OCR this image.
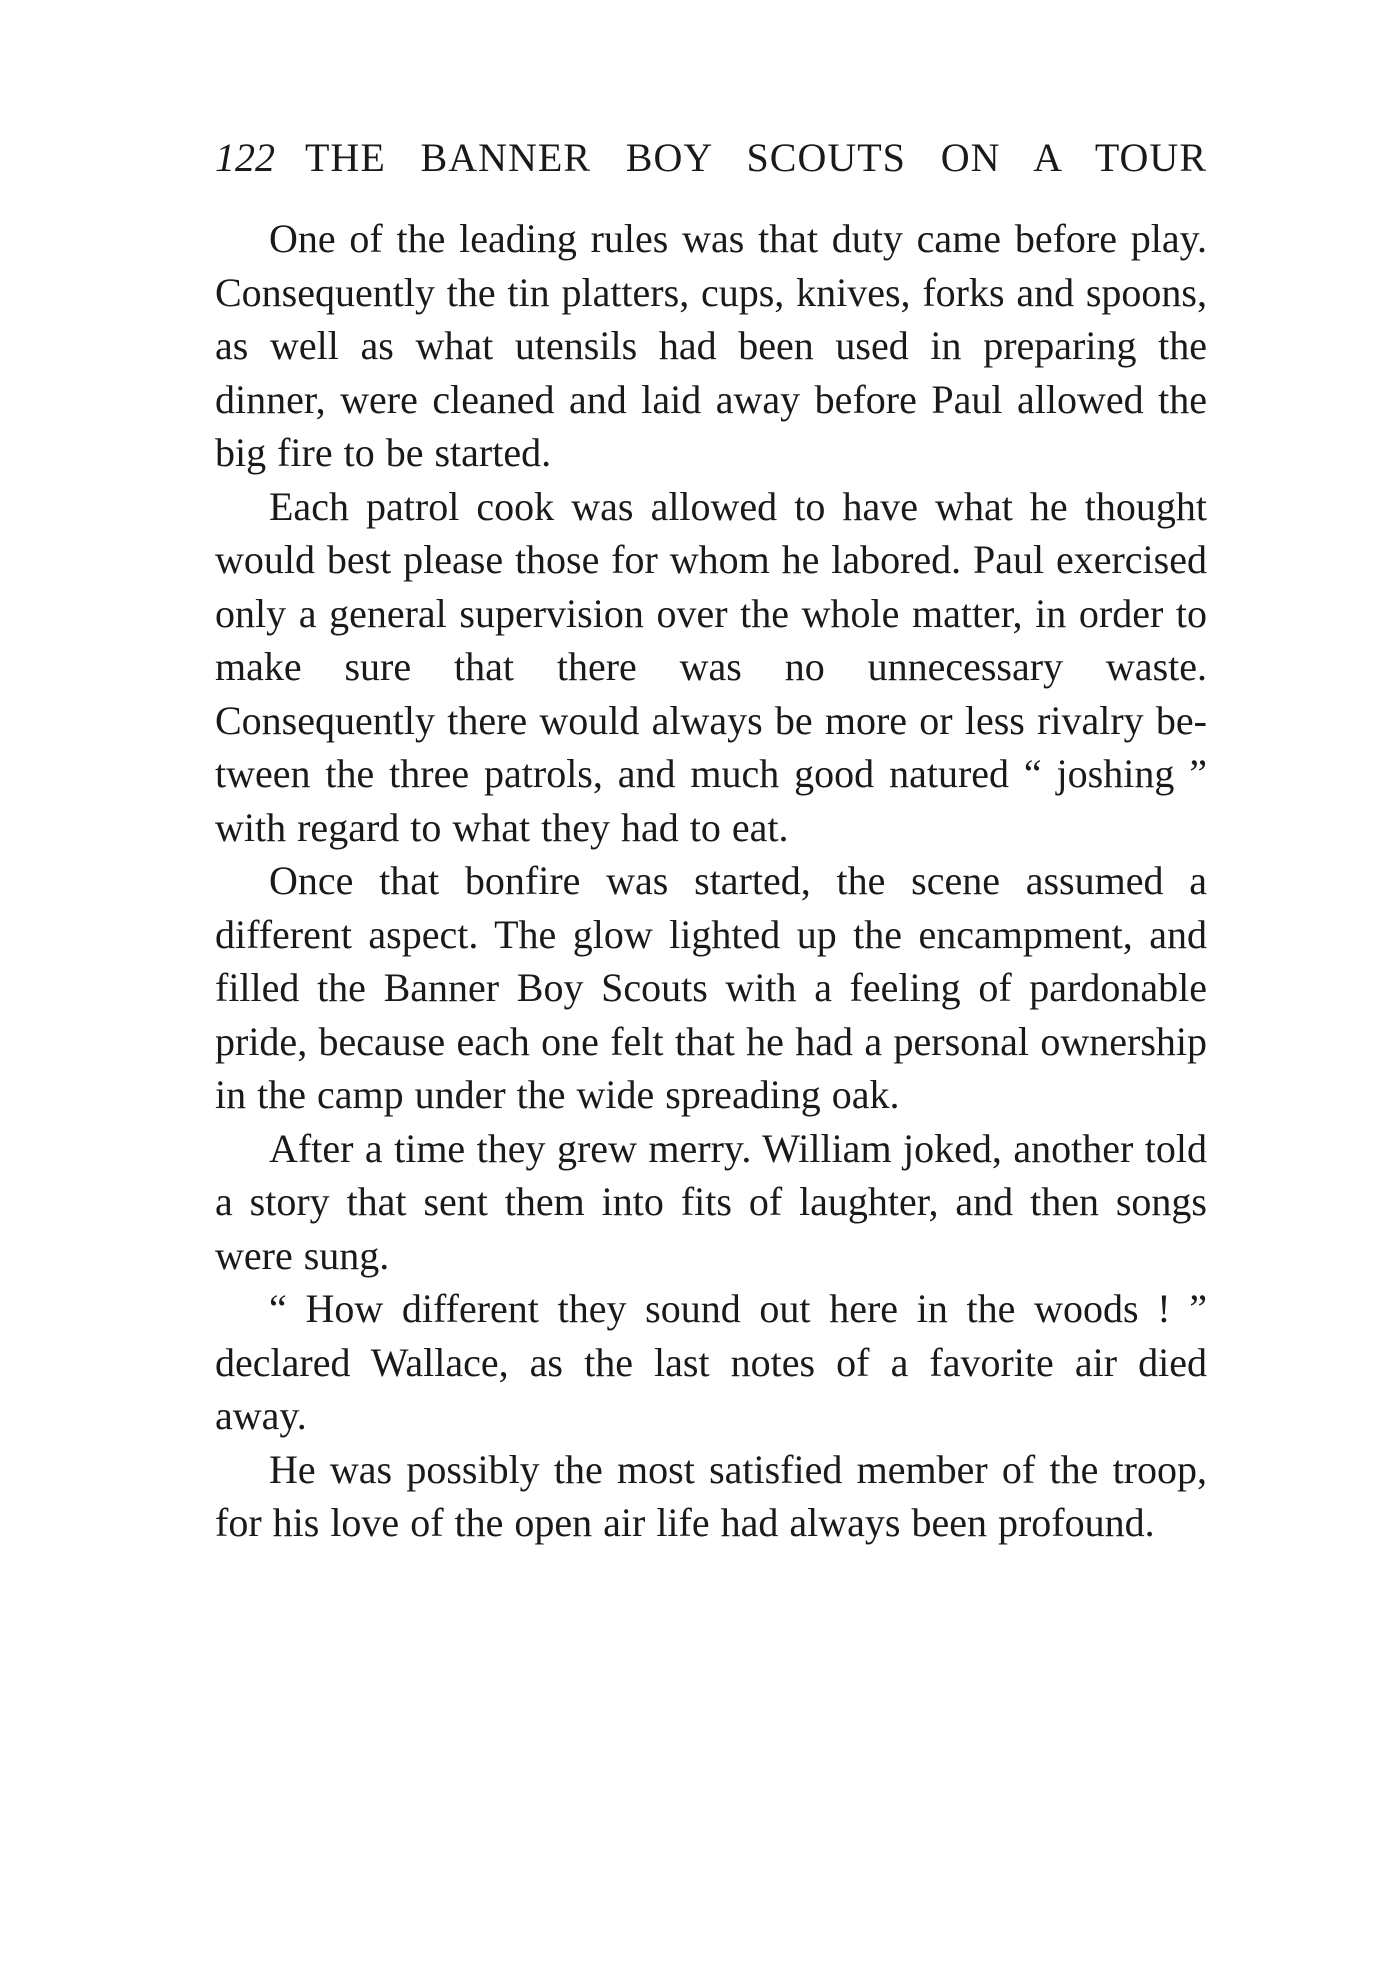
122 THE BANNER BOY SCOUTS ON A TOUR

One of the leading rules was that duty came before play. Consequently the tin platters, cups, knives, forks and spoons, as well as what utensils had been used in preparing the dinner, were cleaned and laid away before Paul allowed the big fire to be started.

Each patrol cook was allowed to have what he thought would best please those for whom he labored. Paul exercised only a general supervision over the whole matter, in order to make sure that there was no unnecessary waste. Consequently there would always be more or less rivalry between the three patrols, and much good natured “ joshing ” with regard to what they had to eat.

Once that bonfire was started, the scene assumed a different aspect. The glow lighted up the encampment, and filled the Banner Boy Scouts with a feeling of pardonable pride, because each one felt that he had a personal ownership in the camp under the wide spreading oak.

After a time they grew merry. William joked, another told a story that sent them into fits of laughter, and then songs were sung.

“ How different they sound out here in the woods ! ” declared Wallace, as the last notes of a favorite air died away.

He was possibly the most satisfied member of the troop, for his love of the open air life had always been profound.
